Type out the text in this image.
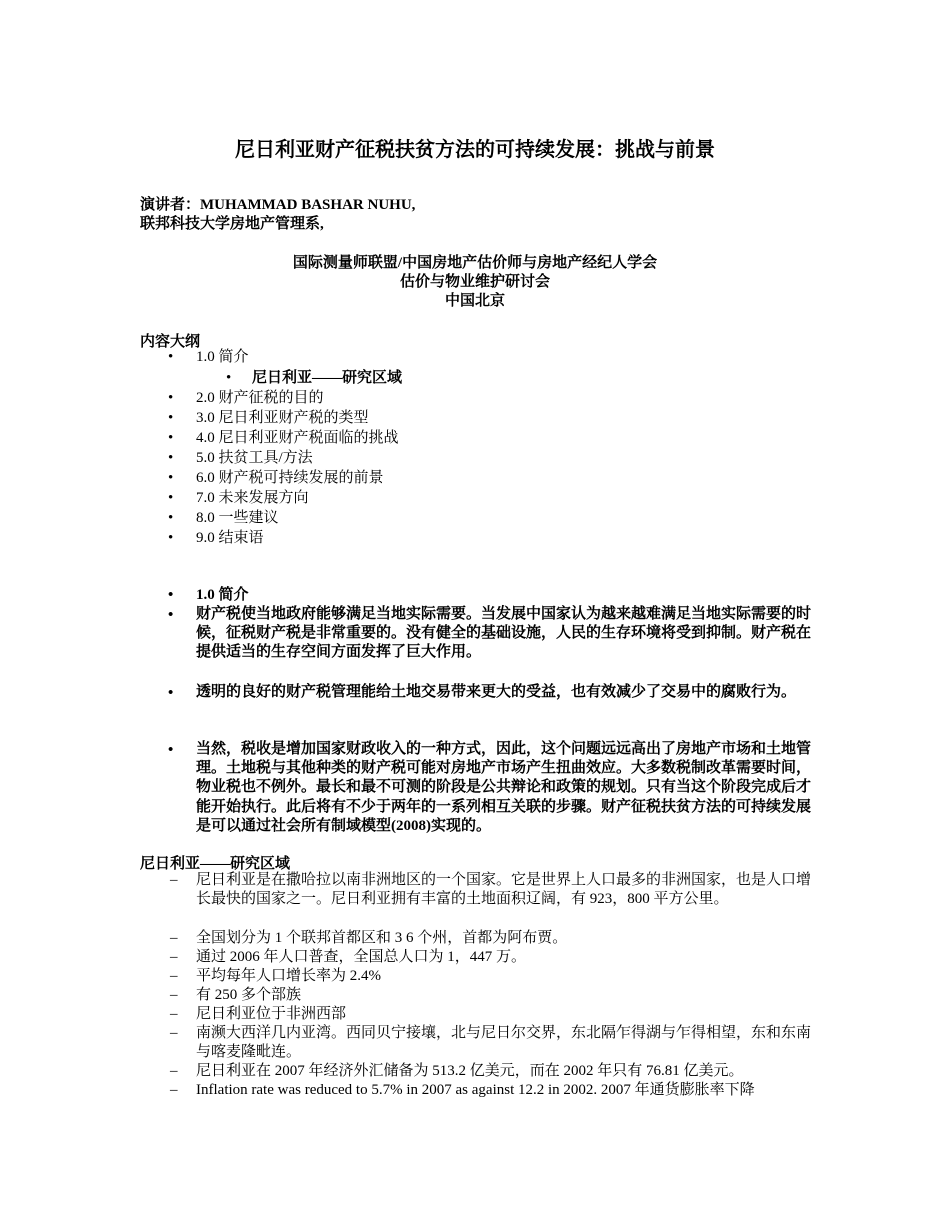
尼日利亚财产征税扶贫方法的可持续发展：挑战与前景
演讲者：MUHAMMAD BASHAR NUHU,
联邦科技大学房地产管理系,
国际测量师联盟/中国房地产估价师与房地产经纪人学会
估价与物业维护研讨会
中国北京
内容大纲
• 1.0 简介
• 尼日利亚——研究区域
• 2.0 财产征税的目的
• 3.0 尼日利亚财产税的类型
• 4.0 尼日利亚财产税面临的挑战
• 5.0 扶贫工具/方法
• 6.0 财产税可持续发展的前景
• 7.0 未来发展方向
• 8.0 一些建议
• 9.0 结束语
• 1.0 简介
• 财产税使当地政府能够满足当地实际需要。当发展中国家认为越来越难满足当地实际需要的时候，征税财产税是非常重要的。没有健全的基础设施，人民的生存环境将受到抑制。财产税在提供适当的生存空间方面发挥了巨大作用。
• 透明的良好的财产税管理能给土地交易带来更大的受益，也有效减少了交易中的腐败行为。
• 当然，税收是增加国家财政收入的一种方式，因此，这个问题远远高出了房地产市场和土地管理。土地税与其他种类的财产税可能对房地产市场产生扭曲效应。大多数税制改革需要时间，物业税也不例外。最长和最不可测的阶段是公共辩论和政策的规划。只有当这个阶段完成后才能开始执行。此后将有不少于两年的一系列相互关联的步骤。财产征税扶贫方法的可持续发展是可以通过社会所有制域模型(2008)实现的。
尼日利亚——研究区域
– 尼日利亚是在撒哈拉以南非洲地区的一个国家。它是世界上人口最多的非洲国家，也是人口增长最快的国家之一。尼日利亚拥有丰富的土地面积辽阔，有 923，800 平方公里。
– 全国划分为 1 个联邦首都区和 3 6 个州，首都为阿布贾。
– 通过 2006 年人口普查，全国总人口为 1，447 万。
– 平均每年人口增长率为 2.4%
– 有 250 多个部族
– 尼日利亚位于非洲西部
– 南濒大西洋几内亚湾。西同贝宁接壤，北与尼日尔交界，东北隔乍得湖与乍得相望，东和东南与喀麦隆毗连。
– 尼日利亚在 2007 年经济外汇储备为 513.2 亿美元，而在 2002 年只有 76.81 亿美元。
– Inflation rate was reduced to 5.7% in 2007 as against 12.2 in 2002. 2007 年通货膨胀率下降
